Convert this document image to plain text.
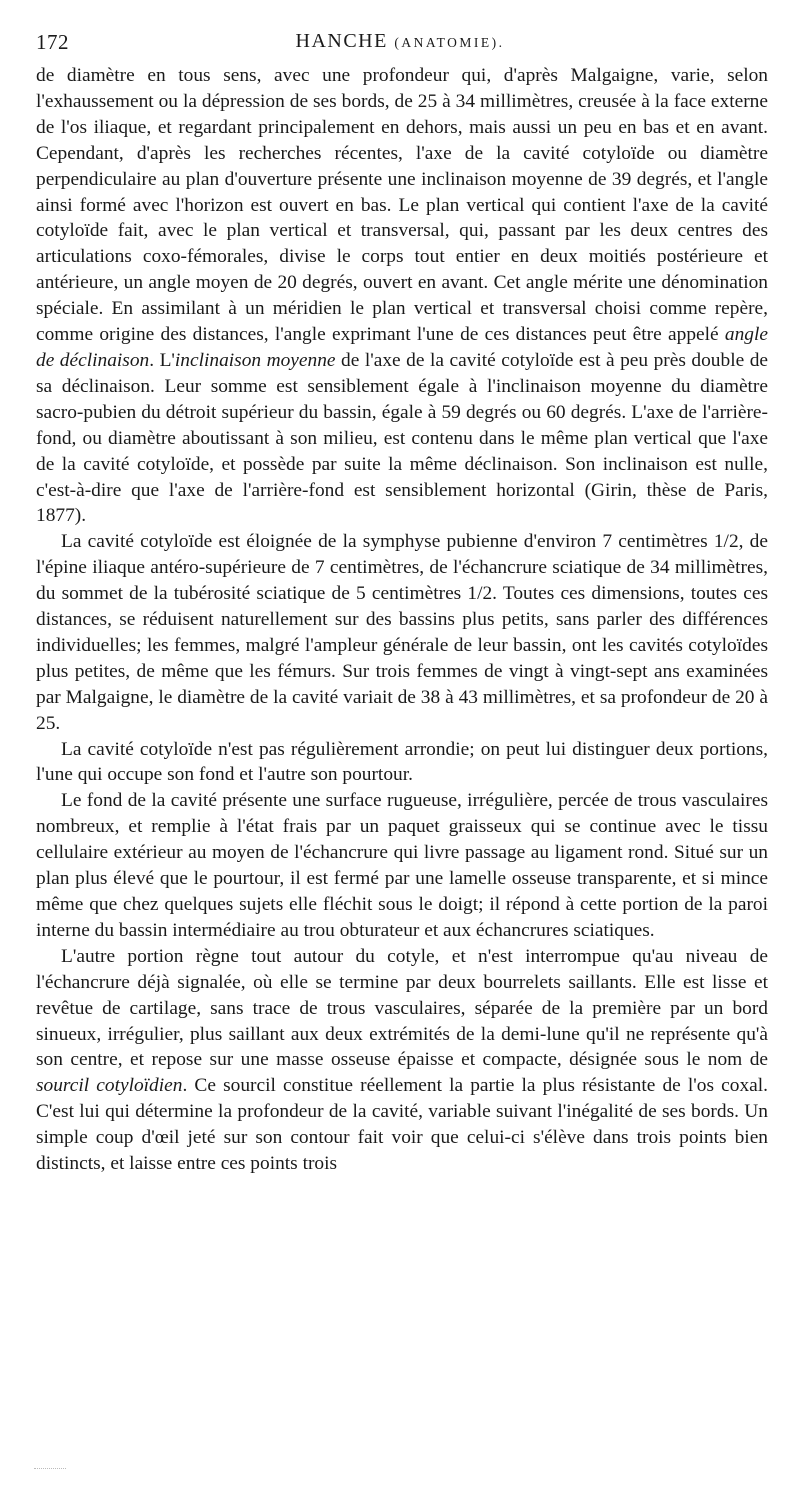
172	HANCHE (ANATOMIE).

de diamètre en tous sens, avec une profondeur qui, d'après Malgaigne, varie, selon l'exhaussement ou la dépression de ses bords, de 25 à 34 millimètres, creusée à la face externe de l'os iliaque, et regardant principalement en dehors, mais aussi un peu en bas et en avant. Cependant, d'après les recherches récentes, l'axe de la cavité cotyloïde ou diamètre perpendiculaire au plan d'ouverture présente une inclinaison moyenne de 39 degrés, et l'angle ainsi formé avec l'horizon est ouvert en bas. Le plan vertical qui contient l'axe de la cavité cotyloïde fait, avec le plan vertical et transversal, qui, passant par les deux centres des articulations coxo-fémorales, divise le corps tout entier en deux moitiés postérieure et antérieure, un angle moyen de 20 degrés, ouvert en avant. Cet angle mérite une dénomination spéciale. En assimilant à un méridien le plan vertical et transversal choisi comme repère, comme origine des distances, l'angle exprimant l'une de ces distances peut être appelé angle de déclinaison. L'inclinaison moyenne de l'axe de la cavité cotyloïde est à peu près double de sa déclinaison. Leur somme est sensiblement égale à l'inclinaison moyenne du diamètre sacro-pubien du détroit supérieur du bassin, égale à 59 degrés ou 60 degrés. L'axe de l'arrière-fond, ou diamètre aboutissant à son milieu, est contenu dans le même plan vertical que l'axe de la cavité cotyloïde, et possède par suite la même déclinaison. Son inclinaison est nulle, c'est-à-dire que l'axe de l'arrière-fond est sensiblement horizontal (Girin, thèse de Paris, 1877).

La cavité cotyloïde est éloignée de la symphyse pubienne d'environ 7 centimètres 1/2, de l'épine iliaque antéro-supérieure de 7 centimètres, de l'échancrure sciatique de 34 millimètres, du sommet de la tubérosité sciatique de 5 centimètres 1/2. Toutes ces dimensions, toutes ces distances, se réduisent naturellement sur des bassins plus petits, sans parler des différences individuelles; les femmes, malgré l'ampleur générale de leur bassin, ont les cavités cotyloïdes plus petites, de même que les fémurs. Sur trois femmes de vingt à vingt-sept ans examinées par Malgaigne, le diamètre de la cavité variait de 38 à 43 millimètres, et sa profondeur de 20 à 25.

La cavité cotyloïde n'est pas régulièrement arrondie; on peut lui distinguer deux portions, l'une qui occupe son fond et l'autre son pourtour.

Le fond de la cavité présente une surface rugueuse, irrégulière, percée de trous vasculaires nombreux, et remplie à l'état frais par un paquet graisseux qui se continue avec le tissu cellulaire extérieur au moyen de l'échancrure qui livre passage au ligament rond. Situé sur un plan plus élevé que le pourtour, il est fermé par une lamelle osseuse transparente, et si mince même que chez quelques sujets elle fléchit sous le doigt; il répond à cette portion de la paroi interne du bassin intermédiaire au trou obturateur et aux échancrures sciatiques.

L'autre portion règne tout autour du cotyle, et n'est interrompue qu'au niveau de l'échancrure déjà signalée, où elle se termine par deux bourrelets saillants. Elle est lisse et revêtue de cartilage, sans trace de trous vasculaires, séparée de la première par un bord sinueux, irrégulier, plus saillant aux deux extrémités de la demi-lune qu'il ne représente qu'à son centre, et repose sur une masse osseuse épaisse et compacte, désignée sous le nom de sourcil cotyloïdien. Ce sourcil constitue réellement la partie la plus résistante de l'os coxal. C'est lui qui détermine la profondeur de la cavité, variable suivant l'inégalité de ses bords. Un simple coup d'œil jeté sur son contour fait voir que celui-ci s'élève dans trois points bien distincts, et laisse entre ces points trois
